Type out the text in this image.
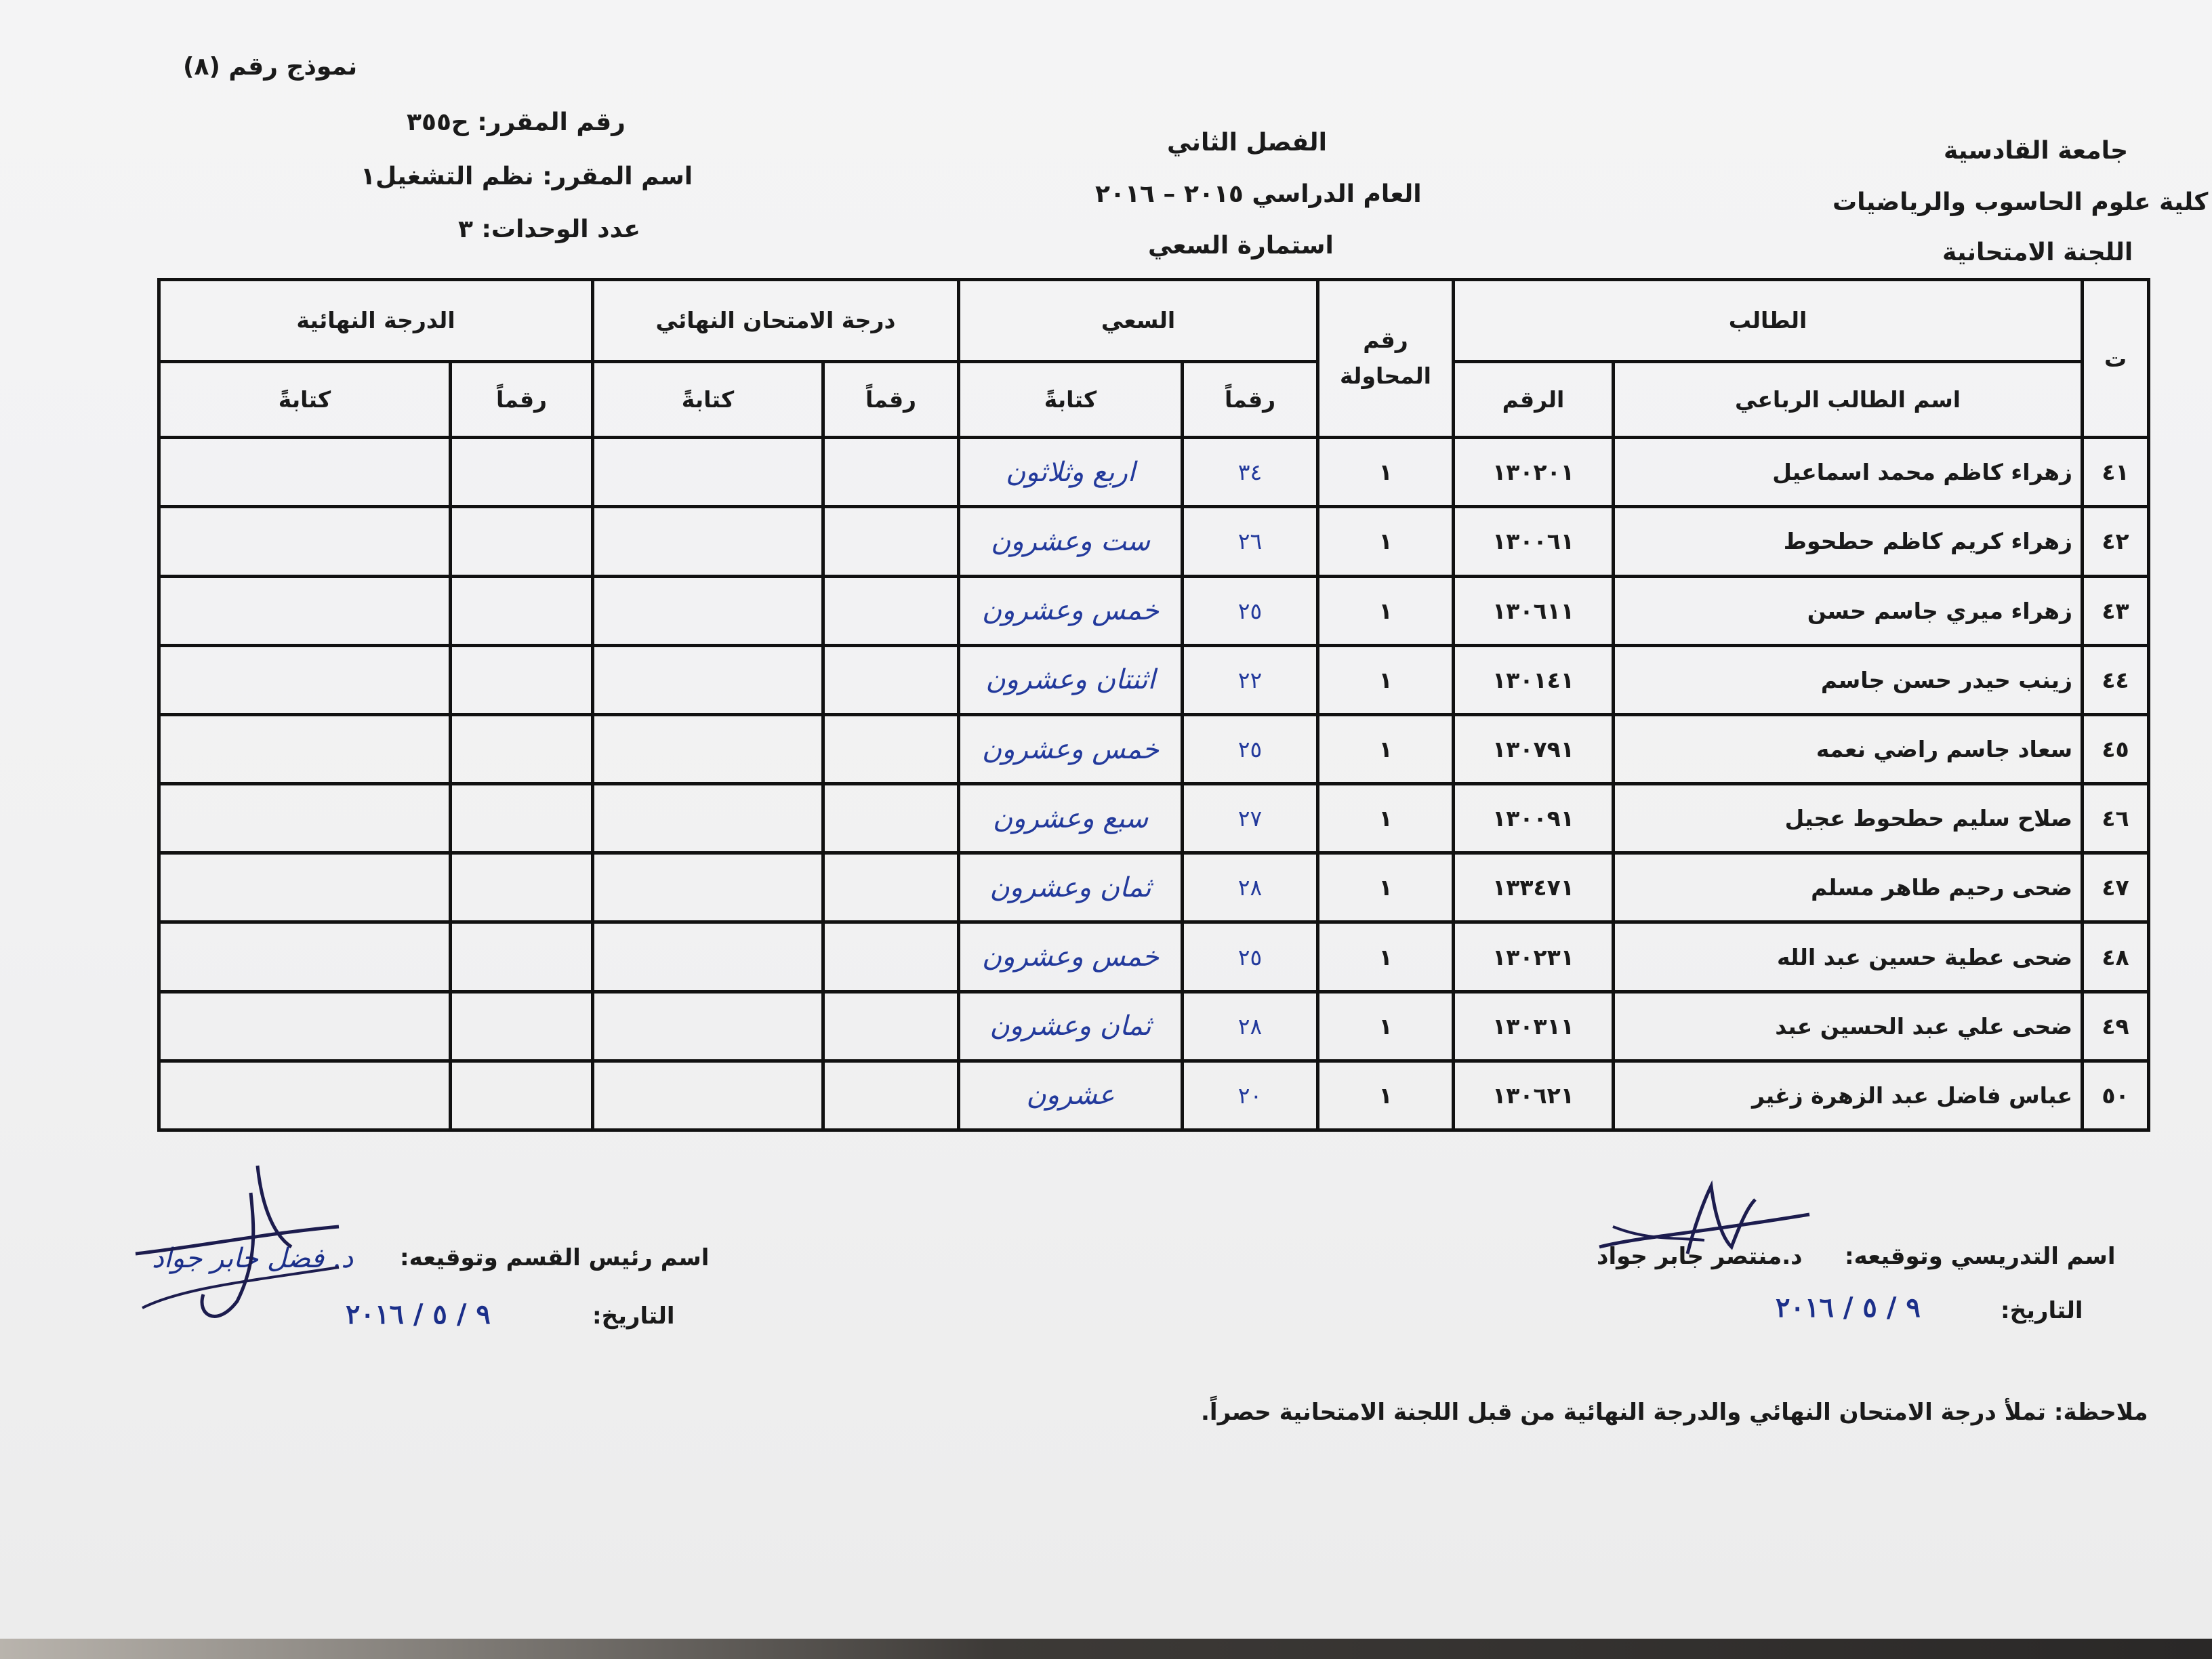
نموذج رقم (٨)
رقم المقرر: ح٣٥٥
اسم المقرر: نظم التشغيل١
عدد الوحدات: ٣
الفصل الثاني
العام الدراسي ٢٠١٥ – ٢٠١٦
استمارة السعي
جامعة القادسية
كلية علوم الحاسوب والرياضيات
اللجنة الامتحانية
ت	الطالب		رقم المحاولة	السعي		درجة الامتحان النهائي		الدرجة النهائية	
	اسم الطالب الرباعي	الرقم		رقماً	كتابةً	رقماً	كتابةً	رقماً	كتابةً
٤١	زهراء كاظم محمد اسماعيل	١٣٠٢٠١	١	٣٤	اربع وثلاثون				
٤٢	زهراء كريم كاظم حطحوط	١٣٠٠٦١	١	٢٦	ست وعشرون				
٤٣	زهراء ميري جاسم حسن	١٣٠٦١١	١	٢٥	خمس وعشرون				
٤٤	زينب حيدر حسن جاسم	١٣٠١٤١	١	٢٢	اثنتان وعشرون				
٤٥	سعاد جاسم راضي نعمه	١٣٠٧٩١	١	٢٥	خمس وعشرون				
٤٦	صلاح سليم حطحوط عجيل	١٣٠٠٩١	١	٢٧	سبع وعشرون				
٤٧	ضحى رحيم طاهر مسلم	١٣٣٤٧١	١	٢٨	ثمان وعشرون				
٤٨	ضحى عطية حسين عبد الله	١٣٠٢٣١	١	٢٥	خمس وعشرون				
٤٩	ضحى علي عبد الحسين عبد	١٣٠٣١١	١	٢٨	ثمان وعشرون				
٥٠	عباس فاضل عبد الزهرة زغير	١٣٠٦٢١	١	٢٠	عشرون				
اسم التدريسي وتوقيعه:
د.منتصر جابر جواد
التاريخ:
٩ / ٥ / ٢٠١٦
اسم رئيس القسم وتوقيعه:
د. فضل جابر جواد
التاريخ:
٩ / ٥ / ٢٠١٦
ملاحظة: تملأ درجة الامتحان النهائي والدرجة النهائية من قبل اللجنة الامتحانية حصراً.
